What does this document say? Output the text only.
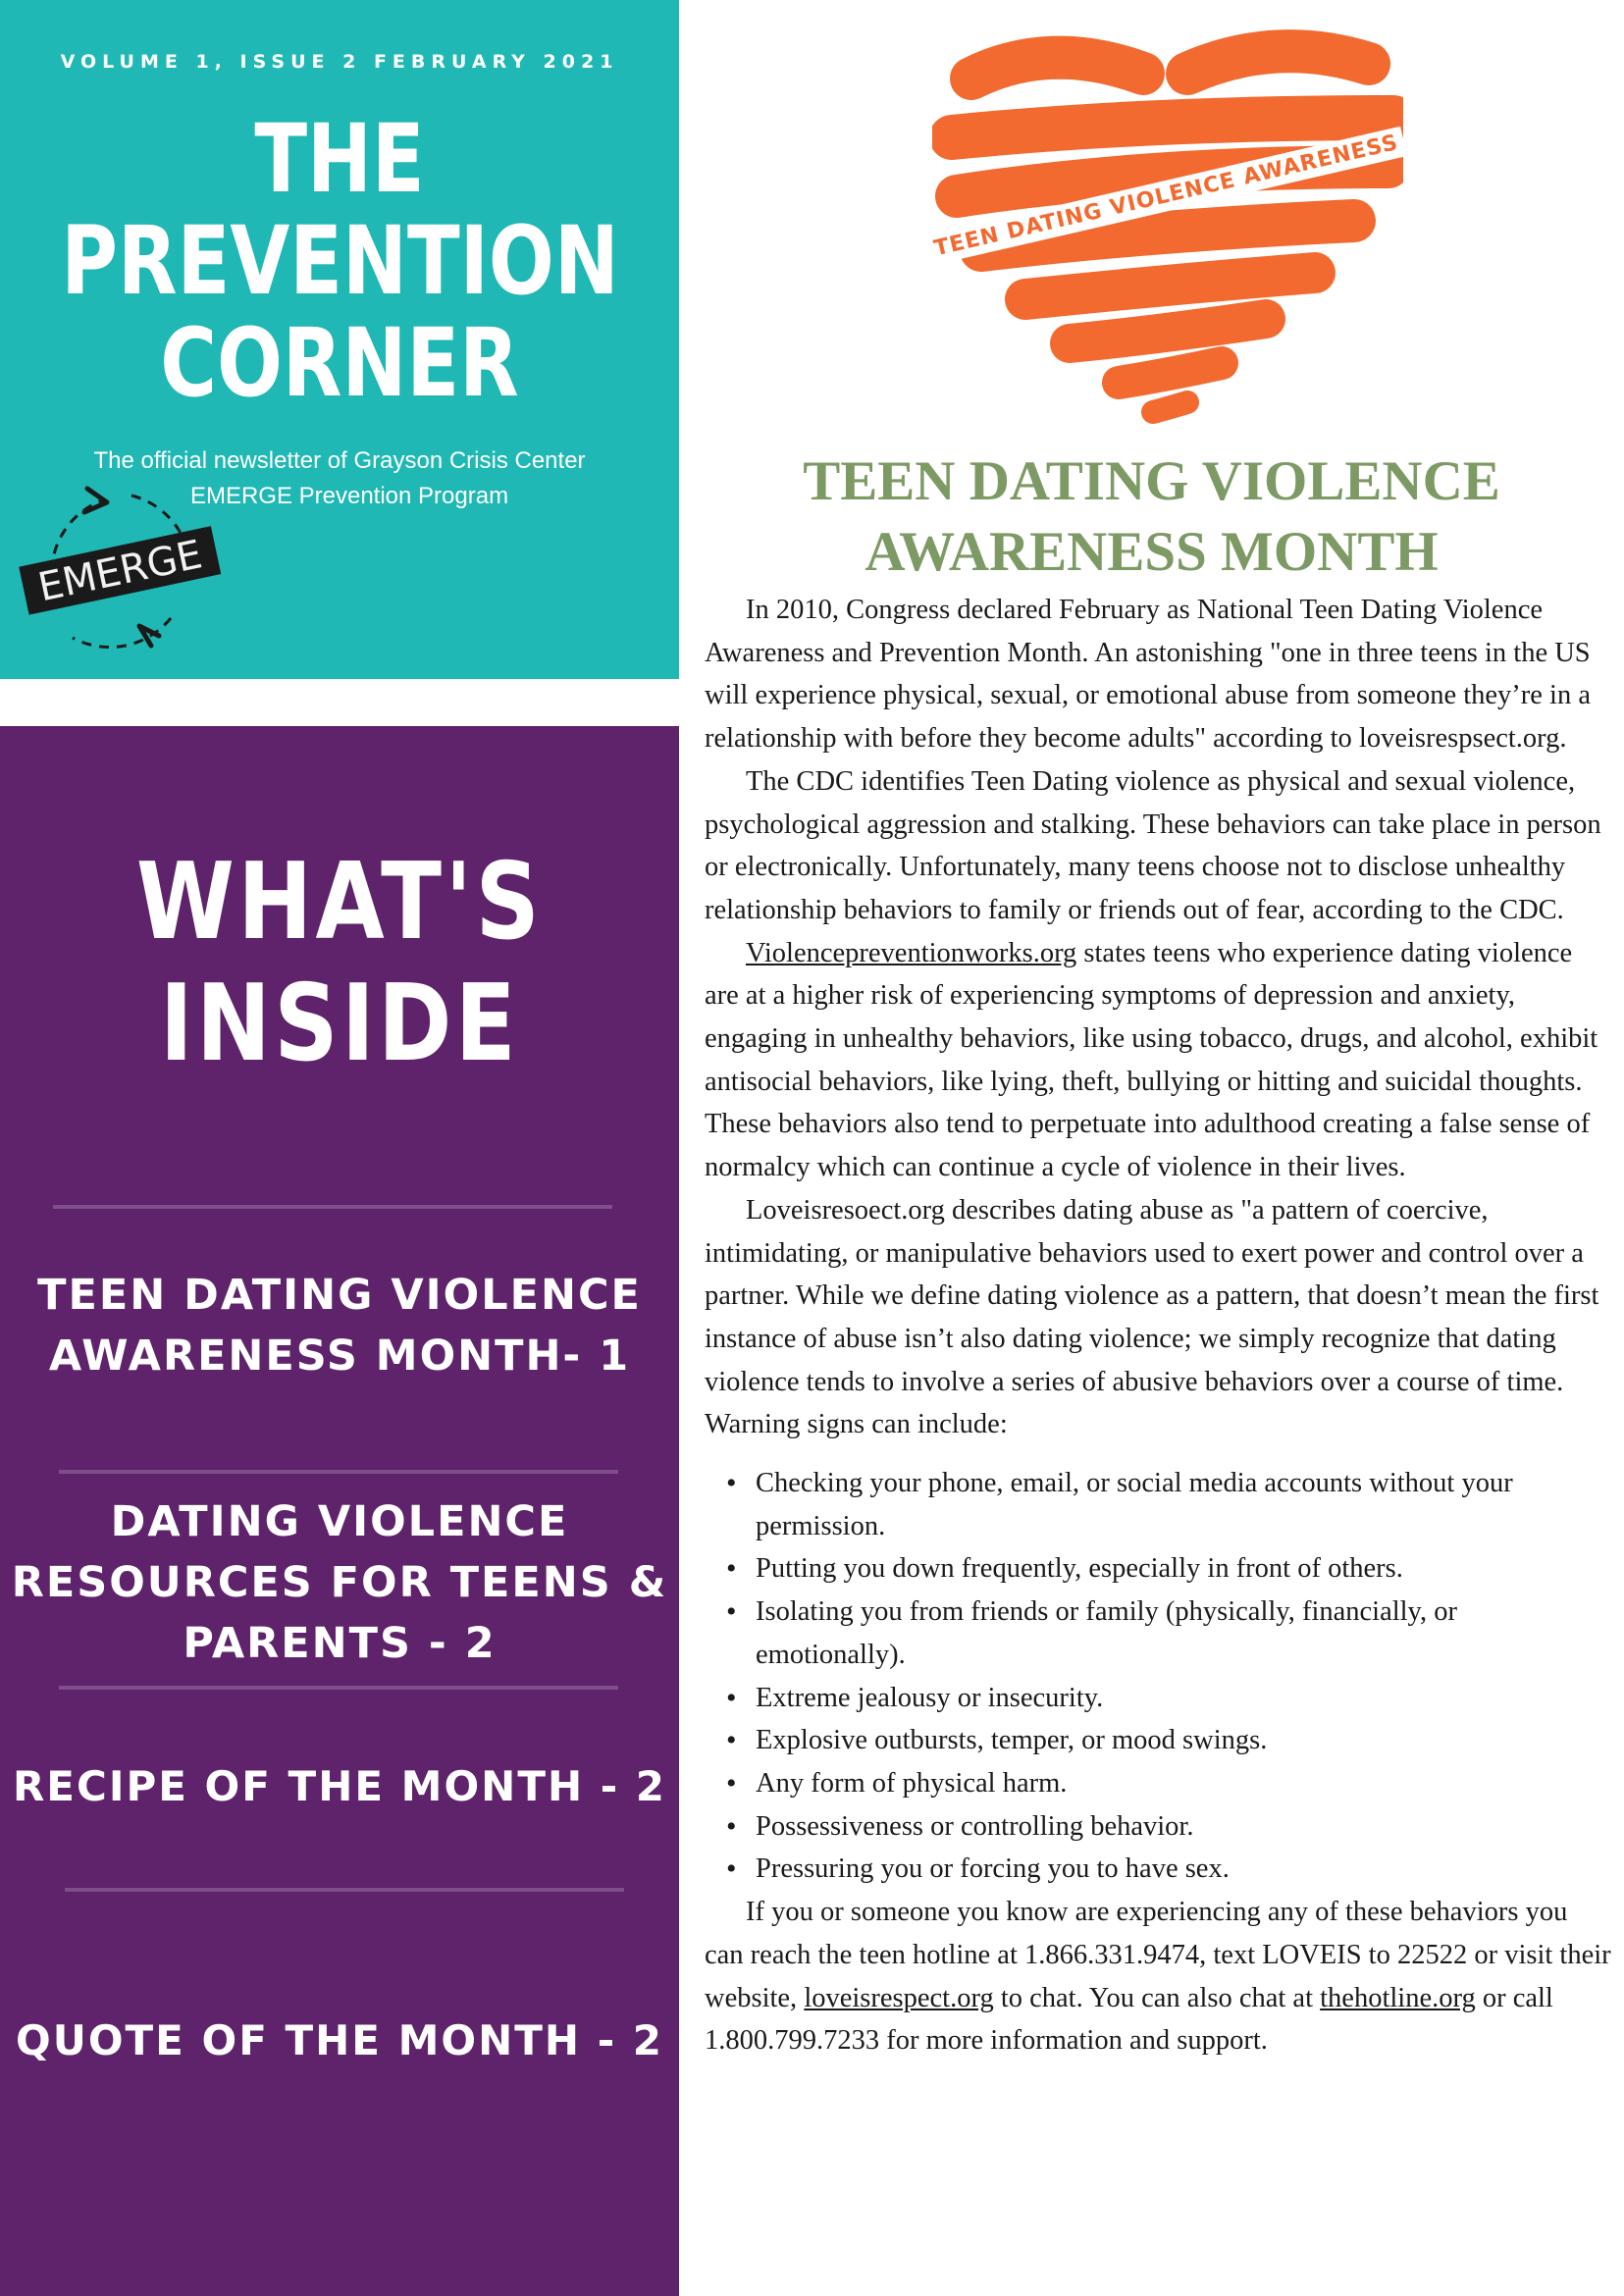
VOLUME 1, ISSUE 2 FEBRUARY 2021
THE
PREVENTION
CORNER
The official newsletter of Grayson Crisis Center
EMERGE Prevention Program
EMERGE
WHAT'S
INSIDE
TEEN DATING VIOLENCE
AWARENESS MONTH- 1
DATING VIOLENCE
RESOURCES FOR TEENS &
PARENTS - 2
RECIPE OF THE MONTH - 2
QUOTE OF THE MONTH - 2
TEEN DATING VIOLENCE AWARENESS
TEEN DATING VIOLENCE
AWARENESS MONTH

In 2010, Congress declared February as National Teen Dating Violence Awareness and Prevention Month. An astonishing "one in three teens in the US will experience physical, sexual, or emotional abuse from someone they’re in a relationship with before they become adults" according to loveisrespsect.org.

The CDC identifies Teen Dating violence as physical and sexual violence, psychological aggression and stalking. These behaviors can take place in person or electronically. Unfortunately, many teens choose not to disclose unhealthy relationship behaviors to family or friends out of fear, according to the CDC.

Violencepreventionworks.org states teens who experience dating violence are at a higher risk of experiencing symptoms of depression and anxiety, engaging in unhealthy behaviors, like using tobacco, drugs, and alcohol, exhibit antisocial behaviors, like lying, theft, bullying or hitting and suicidal thoughts. These behaviors also tend to perpetuate into adulthood creating a false sense of normalcy which can continue a cycle of violence in their lives.

Loveisresoect.org describes dating abuse as "a pattern of coercive, intimidating, or manipulative behaviors used to exert power and control over a partner. While we define dating violence as a pattern, that doesn’t mean the first instance of abuse isn’t also dating violence; we simply recognize that dating violence tends to involve a series of abusive behaviors over a course of time. Warning signs can include:

• Checking your phone, email, or social media accounts without your permission.
• Putting you down frequently, especially in front of others.
• Isolating you from friends or family (physically, financially, or emotionally).
• Extreme jealousy or insecurity.
• Explosive outbursts, temper, or mood swings.
• Any form of physical harm.
• Possessiveness or controlling behavior.
• Pressuring you or forcing you to have sex.

If you or someone you know are experiencing any of these behaviors you can reach the teen hotline at 1.866.331.9474, text LOVEIS to 22522 or visit their website, loveisrespect.org to chat. You can also chat at thehotline.org or call 1.800.799.7233 for more information and support.
